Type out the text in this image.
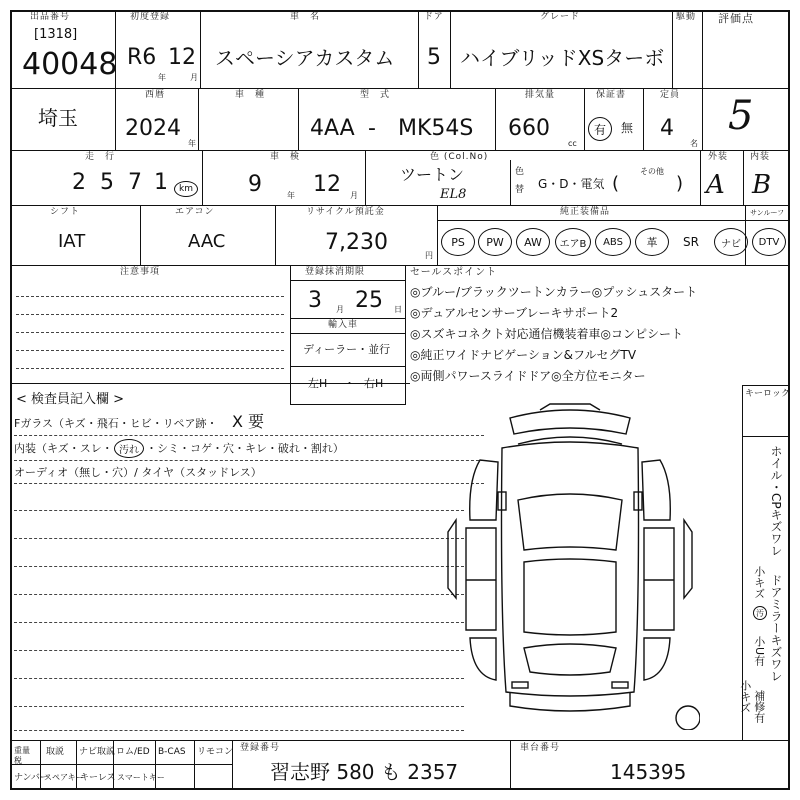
出品番号
[1318]
40048
初度登録
R6 12
年	月
車　名
スペーシアカスタム
ドア
5
グレード
ハイブリッドXSターボ
駆動 評価点
5
埼玉
西暦
2024
年
車　種	型　式
4AA - MK54S
排気量
660
cc
保証書
有	無
定員
4
名
走　行
2 5 7 1	km
車　検
9	年 12 月
色 (Col.No)
ツートン
EL8
色
替 G・D・電気 (
その他
)
外装
A
内装
B
シフト
IAT
エアコン
AAC
リサイクル預託金
7,230
円
純正装備品	サンルーフ
PS	PW	AW	エアB	ABS	革	SR	ナビ	DTV
注意事項	登録抹消期限
3 月 25 日
輸入車
ディーラー・並行
左H ・ 右H
セールスポイント
◎ブルー/ブラックツートンカラー◎プッシュスタート
◎デュアルセンサーブレーキサポート2
◎スズキコネクト対応通信機装着車◎コンピシート
◎純正ワイドナビゲーション&フルセグTV
◎両側パワースライドドア◎全方位モニター
< 検査員記入欄 >
Fガラス（キズ・飛石・ヒビ・リペア跡・ X 要
内装（キズ・スレ・ 汚れ ・シミ・コゲ・穴・キレ・破れ・割れ）
オーディオ（無し・穴）/ タイヤ（スタッドレス）
キーロック
ホイル・CPキズワレ
小キズ
汚 ドアミラーキズワレ
小U有
小キズ 補修有
重量税
取説 ナビ取説 ロム/ED B-CAS リモコン
ナンバー
スペアキー
キーレス スマートキー
登録番号
習志野 580 も 2357
車台番号
145395
